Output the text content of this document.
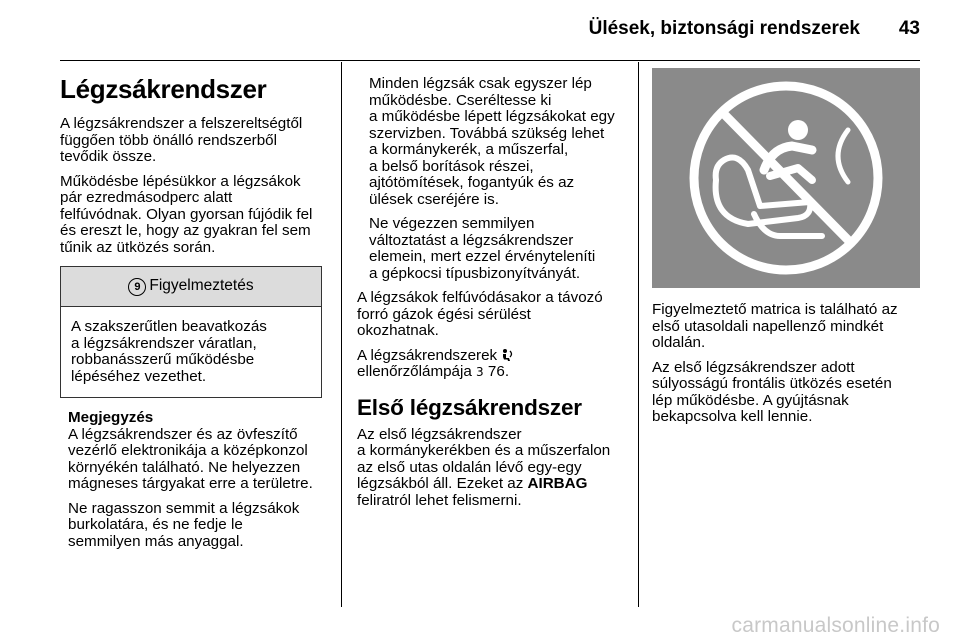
Ülések, biztonsági rendszerek	43
Légzsákrendszer

A légzsákrendszer a felszereltségtől
függően több önálló rendszerből
tevődik össze.

Működésbe lépésükkor a légzsákok
pár ezredmásodperc alatt
felfúvódnak. Olyan gyorsan fújódik fel
és ereszt le, hogy az gyakran fel sem
tűnik az ütközés során.

9 Figyelmeztetés
A szakszerűtlen beavatkozás
a légzsákrendszer váratlan,
robbanásszerű működésbe
lépéséhez vezethet.
Megjegyzés

A légzsákrendszer és az övfeszítő
vezérlő elektronikája a középkonzol
környékén található. Ne helyezzen
mágneses tárgyakat erre a területre.

Ne ragasszon semmit a légzsákok
burkolatára, és ne fedje le
semmilyen más anyaggal.

Minden légzsák csak egyszer lép
működésbe. Cseréltesse ki
a működésbe lépett légzsákokat egy
szervizben. Továbbá szükség lehet
a kormánykerék, a műszerfal,
a belső borítások részei,
ajtótömítések, fogantyúk és az
ülések cseréjére is.

Ne végezzen semmilyen
változtatást a légzsákrendszer
elemein, mert ezzel érvényteleníti
a gépkocsi típusbizonyítványát.

A légzsákok felfúvódásakor a távozó
forró gázok égési sérülést
okozhatnak.

A légzsákrendszerek
ellenőrzőlámpája 3 76.

Első légzsákrendszer

Az első légzsákrendszer
a kormánykerékben és a műszerfalon
az első utas oldalán lévő egy-egy
légzsákból áll. Ezeket az AIRBAG
feliratról lehet felismerni.

Figyelmeztető matrica is található az
első utasoldali napellenző mindkét
oldalán.

Az első légzsákrendszer adott
súlyosságú frontális ütközés esetén
lép működésbe. A gyújtásnak
bekapcsolva kell lennie.

carmanualsonline.info
